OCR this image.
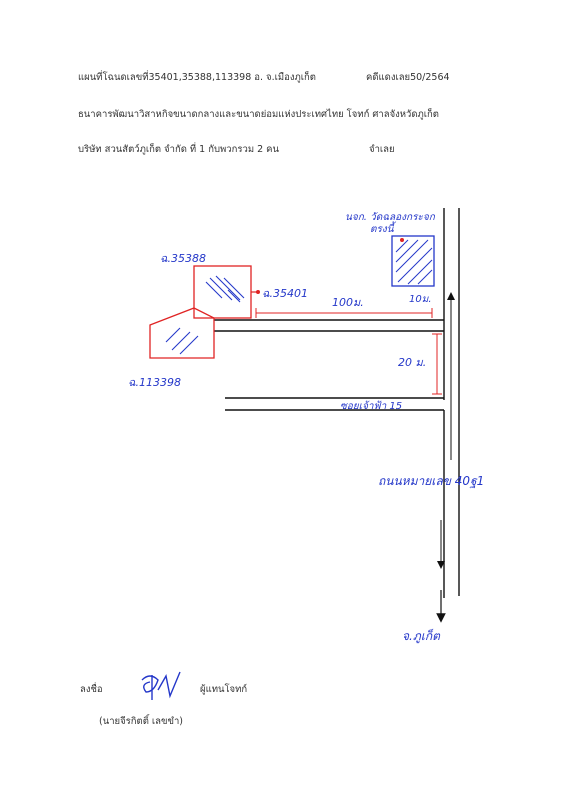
แผนที่โฉนดเลขที่35401,35388,113398 อ. จ.เมืองภูเก็ต	คดีแดงเลย50/2564
ธนาคารพัฒนาวิสาหกิจขนาดกลางและขนาดย่อมแห่งประเทศไทย โจทก์ ศาลจังหวัดภูเก็ต
บริษัท สวนสัตว์ภูเก็ต จำกัด ที่ 1 กับพวกรวม 2 คน	จำเลย
ฉ.35388
ฉ.35401
ฉ.113398
100ม.	10ม.
20 ม.
ซอยเจ้าฟ้า 15
ถนนหมายเลข 40ฐ1
นจก. วัดฉลองกระจก
ตรงนี้
จ.ภูเก็ต
ลงชื่อ	ผู้แทนโจทก์
(นายจีรกิตติ์ เลขขำ)
